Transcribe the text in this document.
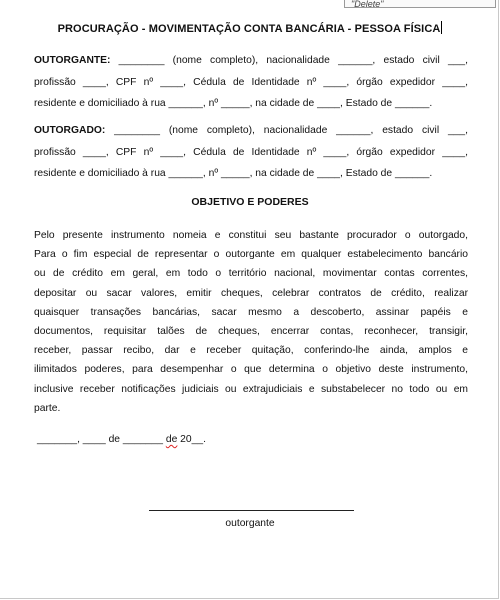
"Delete"
PROCURAÇÃO - MOVIMENTAÇÃO CONTA BANCÁRIA - PESSOA FÍSICA
OUTORGANTE: ________ (nome completo), nacionalidade ______, estado civil ___,
profissão ____, CPF nº ____, Cédula de Identidade nº ____, órgão expedidor ____,
residente e domiciliado à rua ______, nº _____, na cidade de ____, Estado de ______.
OUTORGADO: ________ (nome completo), nacionalidade ______, estado civil ___,
profissão ____, CPF nº ____, Cédula de Identidade nº ____, órgão expedidor ____,
residente e domiciliado à rua ______, nº _____, na cidade de ____, Estado de ______.
OBJETIVO E PODERES
Pelo presente instrumento nomeia e constitui seu bastante procurador o outorgado,
Para o fim especial de representar o outorgante em qualquer estabelecimento bancário
ou de crédito em geral, em todo o território nacional, movimentar contas correntes,
depositar ou sacar valores, emitir cheques, celebrar contratos de crédito, realizar
quaisquer transações bancárias, sacar mesmo a descoberto, assinar papéis e
documentos, requisitar talões de cheques, encerrar contas, reconhecer, transigir,
receber, passar recibo, dar e receber quitação, conferindo-lhe ainda, amplos e
ilimitados poderes, para desempenhar o que determina o objetivo deste instrumento,
inclusive receber notificações judiciais ou extrajudiciais e substabelecer no todo ou em
parte.
_______, ____ de _______ de 20__.
outorgante
